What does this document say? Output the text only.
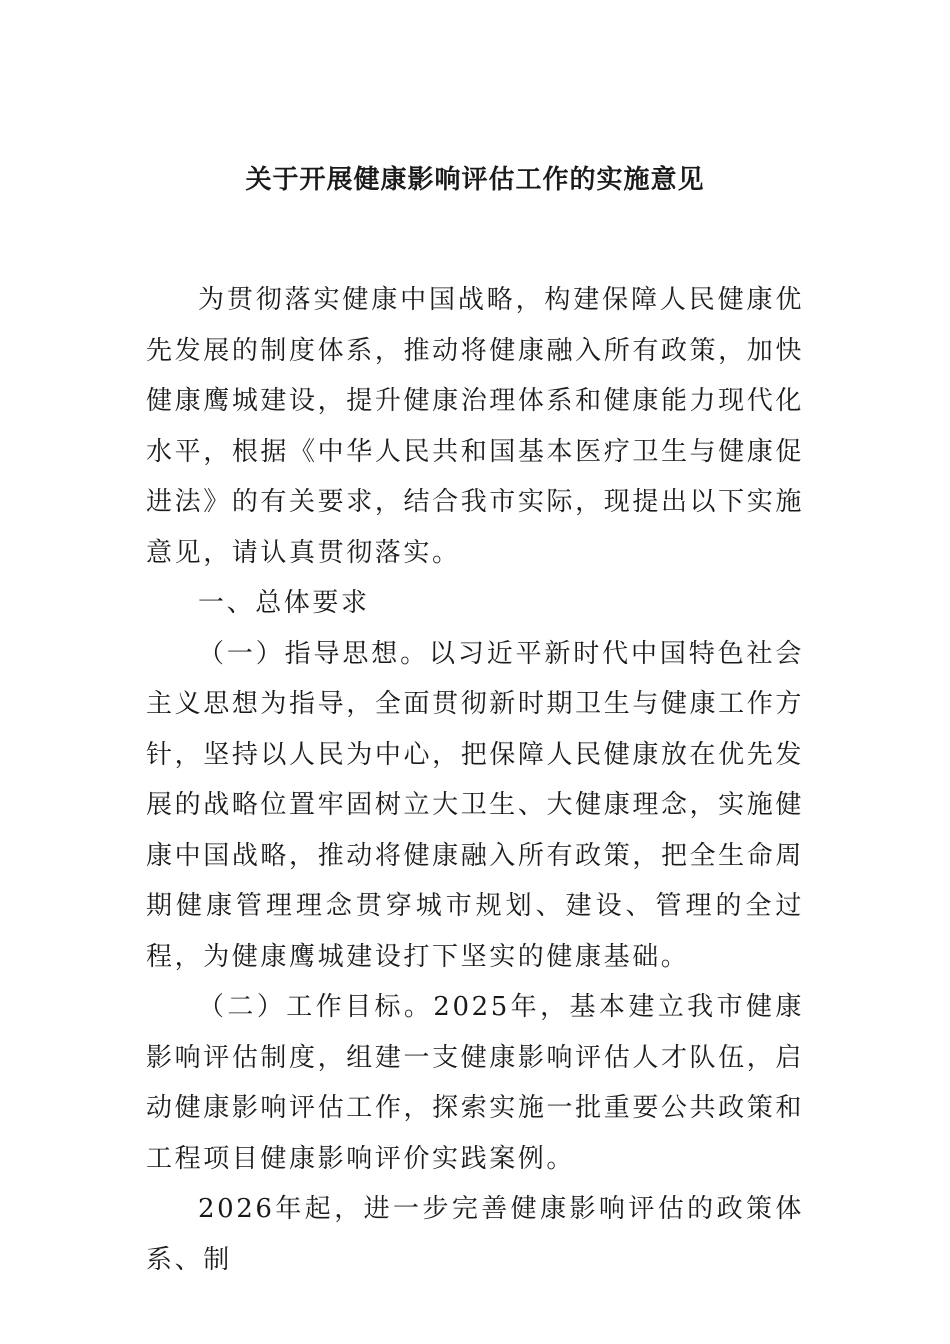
关于开展健康影响评估工作的实施意见

为贯彻落实健康中国战略，构建保障人民健康优先发展的制度体系，推动将健康融入所有政策，加快健康鹰城建设，提升健康治理体系和健康能力现代化水平，根据《中华人民共和国基本医疗卫生与健康促进法》的有关要求，结合我市实际，现提出以下实施意见，请认真贯彻落实。

一、总体要求

（一）指导思想。以习近平新时代中国特色社会主义思想为指导，全面贯彻新时期卫生与健康工作方针，坚持以人民为中心，把保障人民健康放在优先发展的战略位置牢固树立大卫生、大健康理念，实施健康中国战略，推动将健康融入所有政策，把全生命周期健康管理理念贯穿城市规划、建设、管理的全过程，为健康鹰城建设打下坚实的健康基础。

（二）工作目标。2025年，基本建立我市健康影响评估制度，组建一支健康影响评估人才队伍，启动健康影响评估工作，探索实施一批重要公共政策和工程项目健康影响评价实践案例。

2026年起，进一步完善健康影响评估的政策体系、制
